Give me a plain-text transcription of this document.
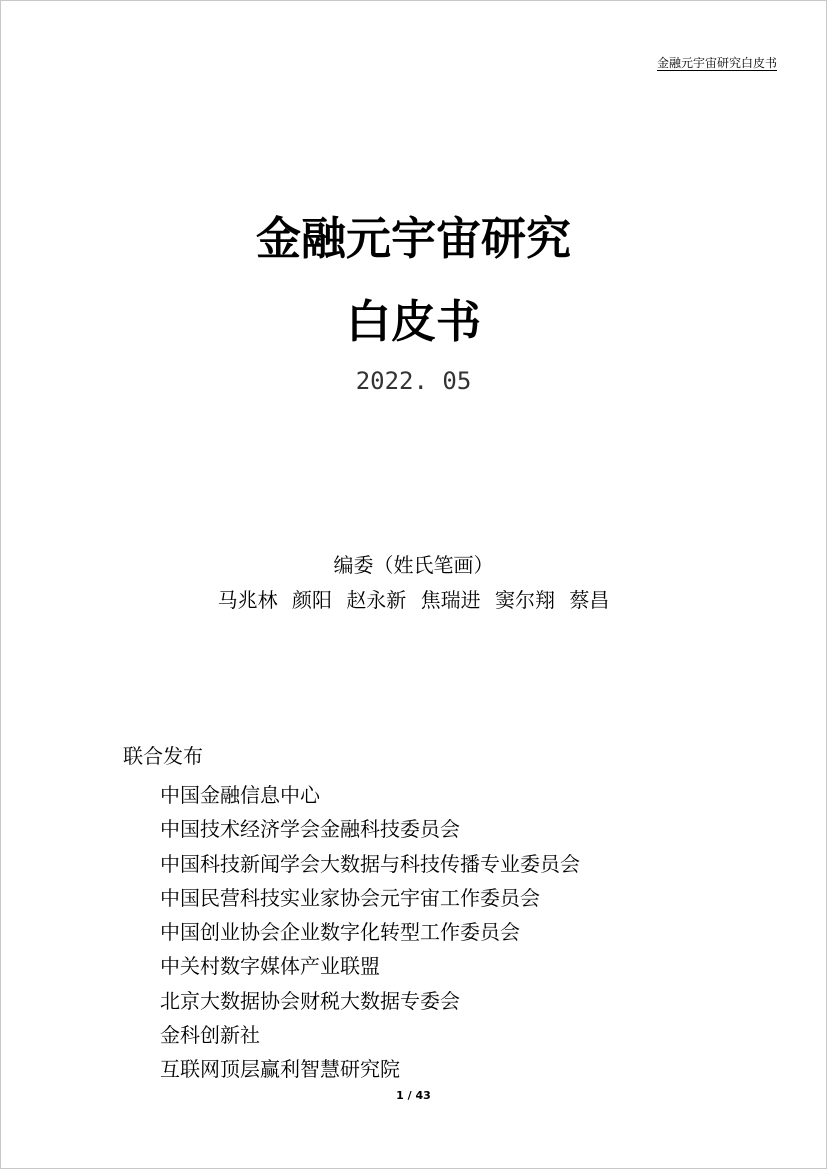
金融元宇宙研究白皮书
金融元宇宙研究
白皮书
2022. 05
编委（姓氏笔画）
马兆林 颜阳 赵永新 焦瑞进 窦尔翔 蔡昌
联合发布
中国金融信息中心
中国技术经济学会金融科技委员会
中国科技新闻学会大数据与科技传播专业委员会
中国民营科技实业家协会元宇宙工作委员会
中国创业协会企业数字化转型工作委员会
中关村数字媒体产业联盟
北京大数据协会财税大数据专委会
金科创新社
互联网顶层赢利智慧研究院
1 / 43
